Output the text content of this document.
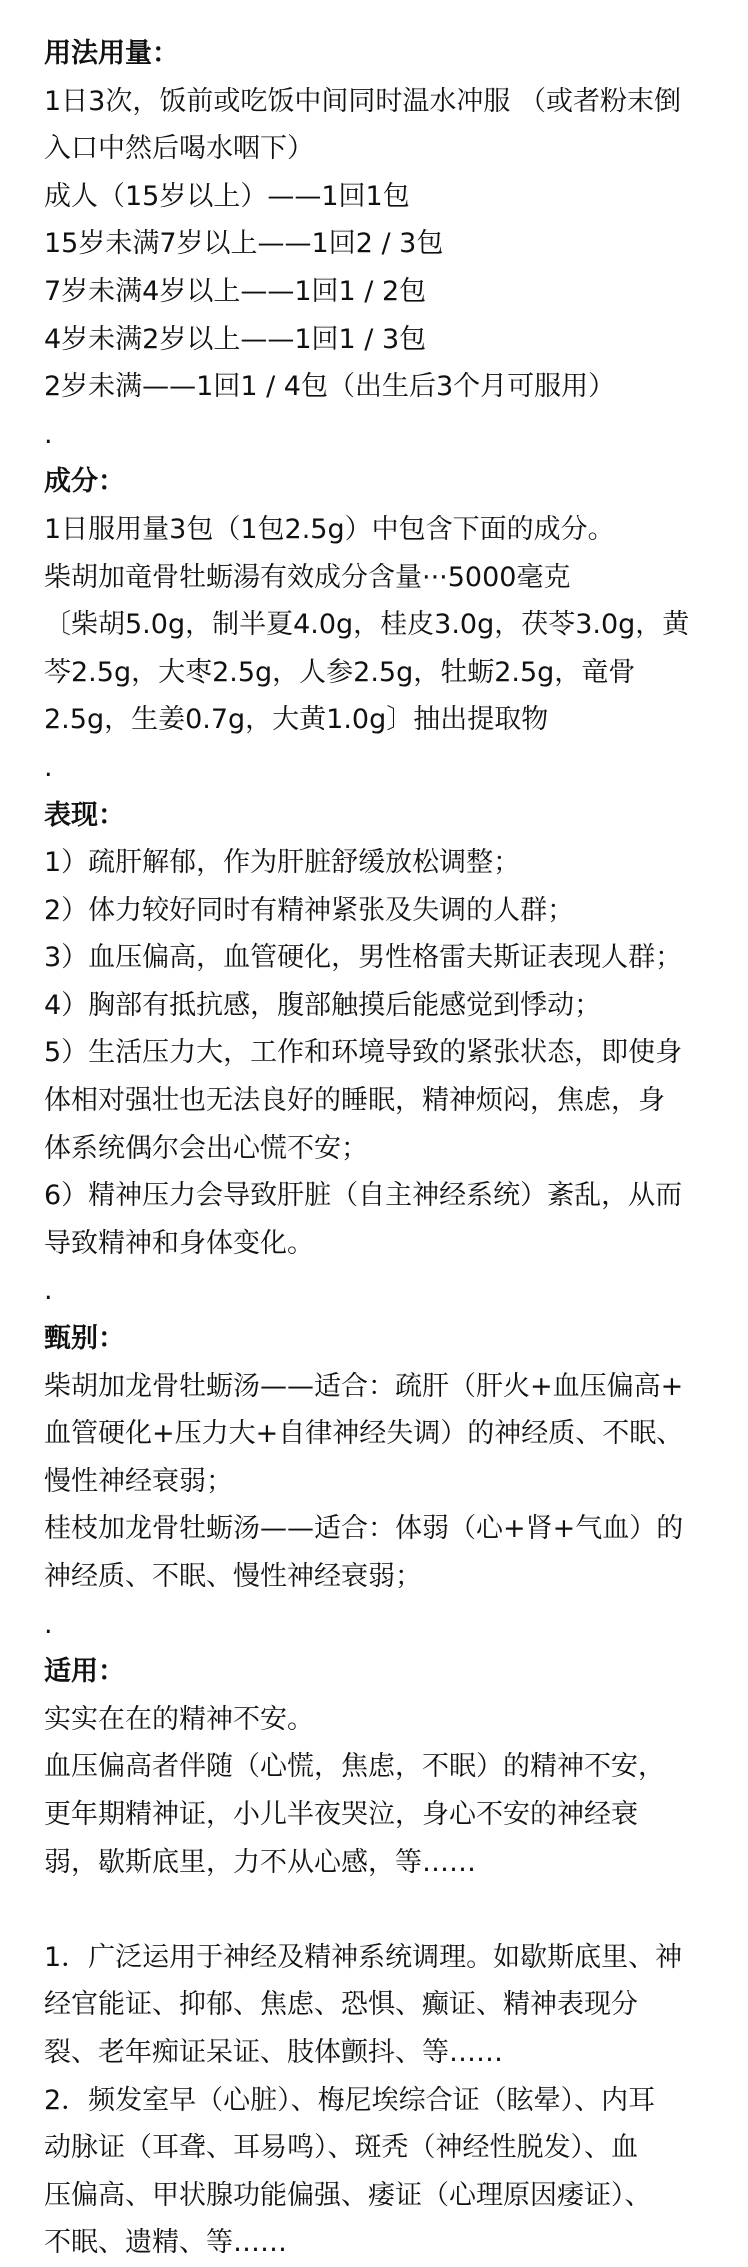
用法用量：
1日3次，饭前或吃饭中间同时温水冲服 （或者粉末倒
入口中然后喝水咽下）
成人（15岁以上）——1回1包
15岁未满7岁以上——1回2 / 3包
7岁未满4岁以上——1回1 / 2包
4岁未满2岁以上——1回1 / 3包
2岁未满——1回1 / 4包（出生后3个月可服用）
.
成分：
1日服用量3包（1包2.5g）中包含下面的成分。
柴胡加竜骨牡蛎湯有效成分含量···5000毫克
〔柴胡5.0g，制半夏4.0g，桂皮3.0g，茯苓3.0g，黄
芩2.5g，大枣2.5g，人参2.5g，牡蛎2.5g，竜骨
2.5g，生姜0.7g，大黄1.0g〕抽出提取物
.
表现：
1）疏肝解郁，作为肝脏舒缓放松调整；
2）体力较好同时有精神紧张及失调的人群；
3）血压偏高，血管硬化，男性格雷夫斯证表现人群；
4）胸部有抵抗感，腹部触摸后能感觉到悸动；
5）生活压力大，工作和环境导致的紧张状态，即使身
体相对强壮也无法良好的睡眠，精神烦闷，焦虑，身
体系统偶尔会出心慌不安；
6）精神压力会导致肝脏（自主神经系统）紊乱，从而
导致精神和身体变化。
.
甄别：
柴胡加龙骨牡蛎汤——适合：疏肝（肝火+血压偏高+
血管硬化+压力大+自律神经失调）的神经质、不眠、
慢性神经衰弱；
桂枝加龙骨牡蛎汤——适合：体弱（心+肾+气血）的
神经质、不眠、慢性神经衰弱；
.
适用：
实实在在的精神不安。
血压偏高者伴随（心慌，焦虑，不眠）的精神不安，
更年期精神证，小儿半夜哭泣，身心不安的神经衰
弱，歇斯底里，力不从心感，等……
1．广泛运用于神经及精神系统调理。如歇斯底里、神
经官能证、抑郁、焦虑、恐惧、癫证、精神表现分
裂、老年痴证呆证、肢体颤抖、等……
2．频发室早（心脏）、梅尼埃综合证（眩晕）、内耳
动脉证（耳聋、耳易鸣）、斑秃（神经性脱发）、血
压偏高、甲状腺功能偏强、痿证（心理原因痿证）、
不眠、遗精、等……
